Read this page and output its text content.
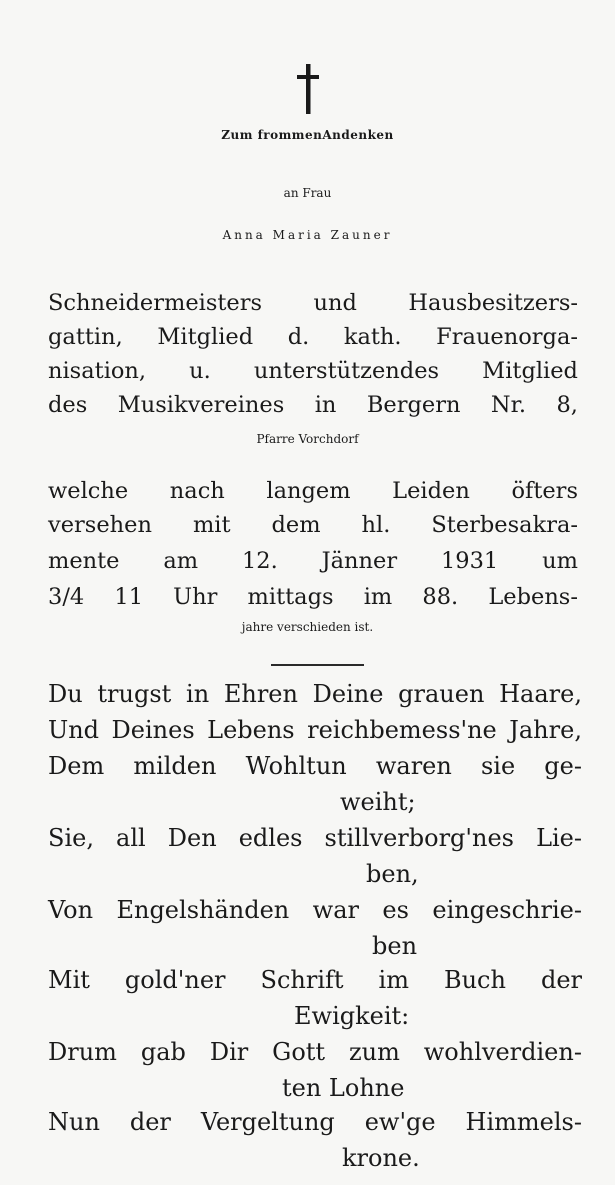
Zum frommenAndenken
an Frau
Anna Maria Zauner
Schneidermeisters und Hausbesitzers-
gattin, Mitglied d. kath. Frauenorga-
nisation, u. unterstützendes Mitglied
des Musikvereines in Bergern Nr. 8,
Pfarre Vorchdorf
welche nach langem Leiden öfters
versehen mit dem hl. Sterbesakra-
mente am 12. Jänner 1931 um
3/4 11 Uhr mittags im 88. Lebens-
jahre verschieden ist.
Du trugst in Ehren Deine grauen Haare,
Und Deines Lebens reichbemess'ne Jahre,
Dem milden Wohltun waren sie ge-
weiht;
Sie, all Den edles stillverborg'nes Lie-
ben,
Von Engelshänden war es eingeschrie-
ben
Mit gold'ner Schrift im Buch der
Ewigkeit:
Drum gab Dir Gott zum wohlverdien-
ten Lohne
Nun der Vergeltung ew'ge Himmels-
krone.
